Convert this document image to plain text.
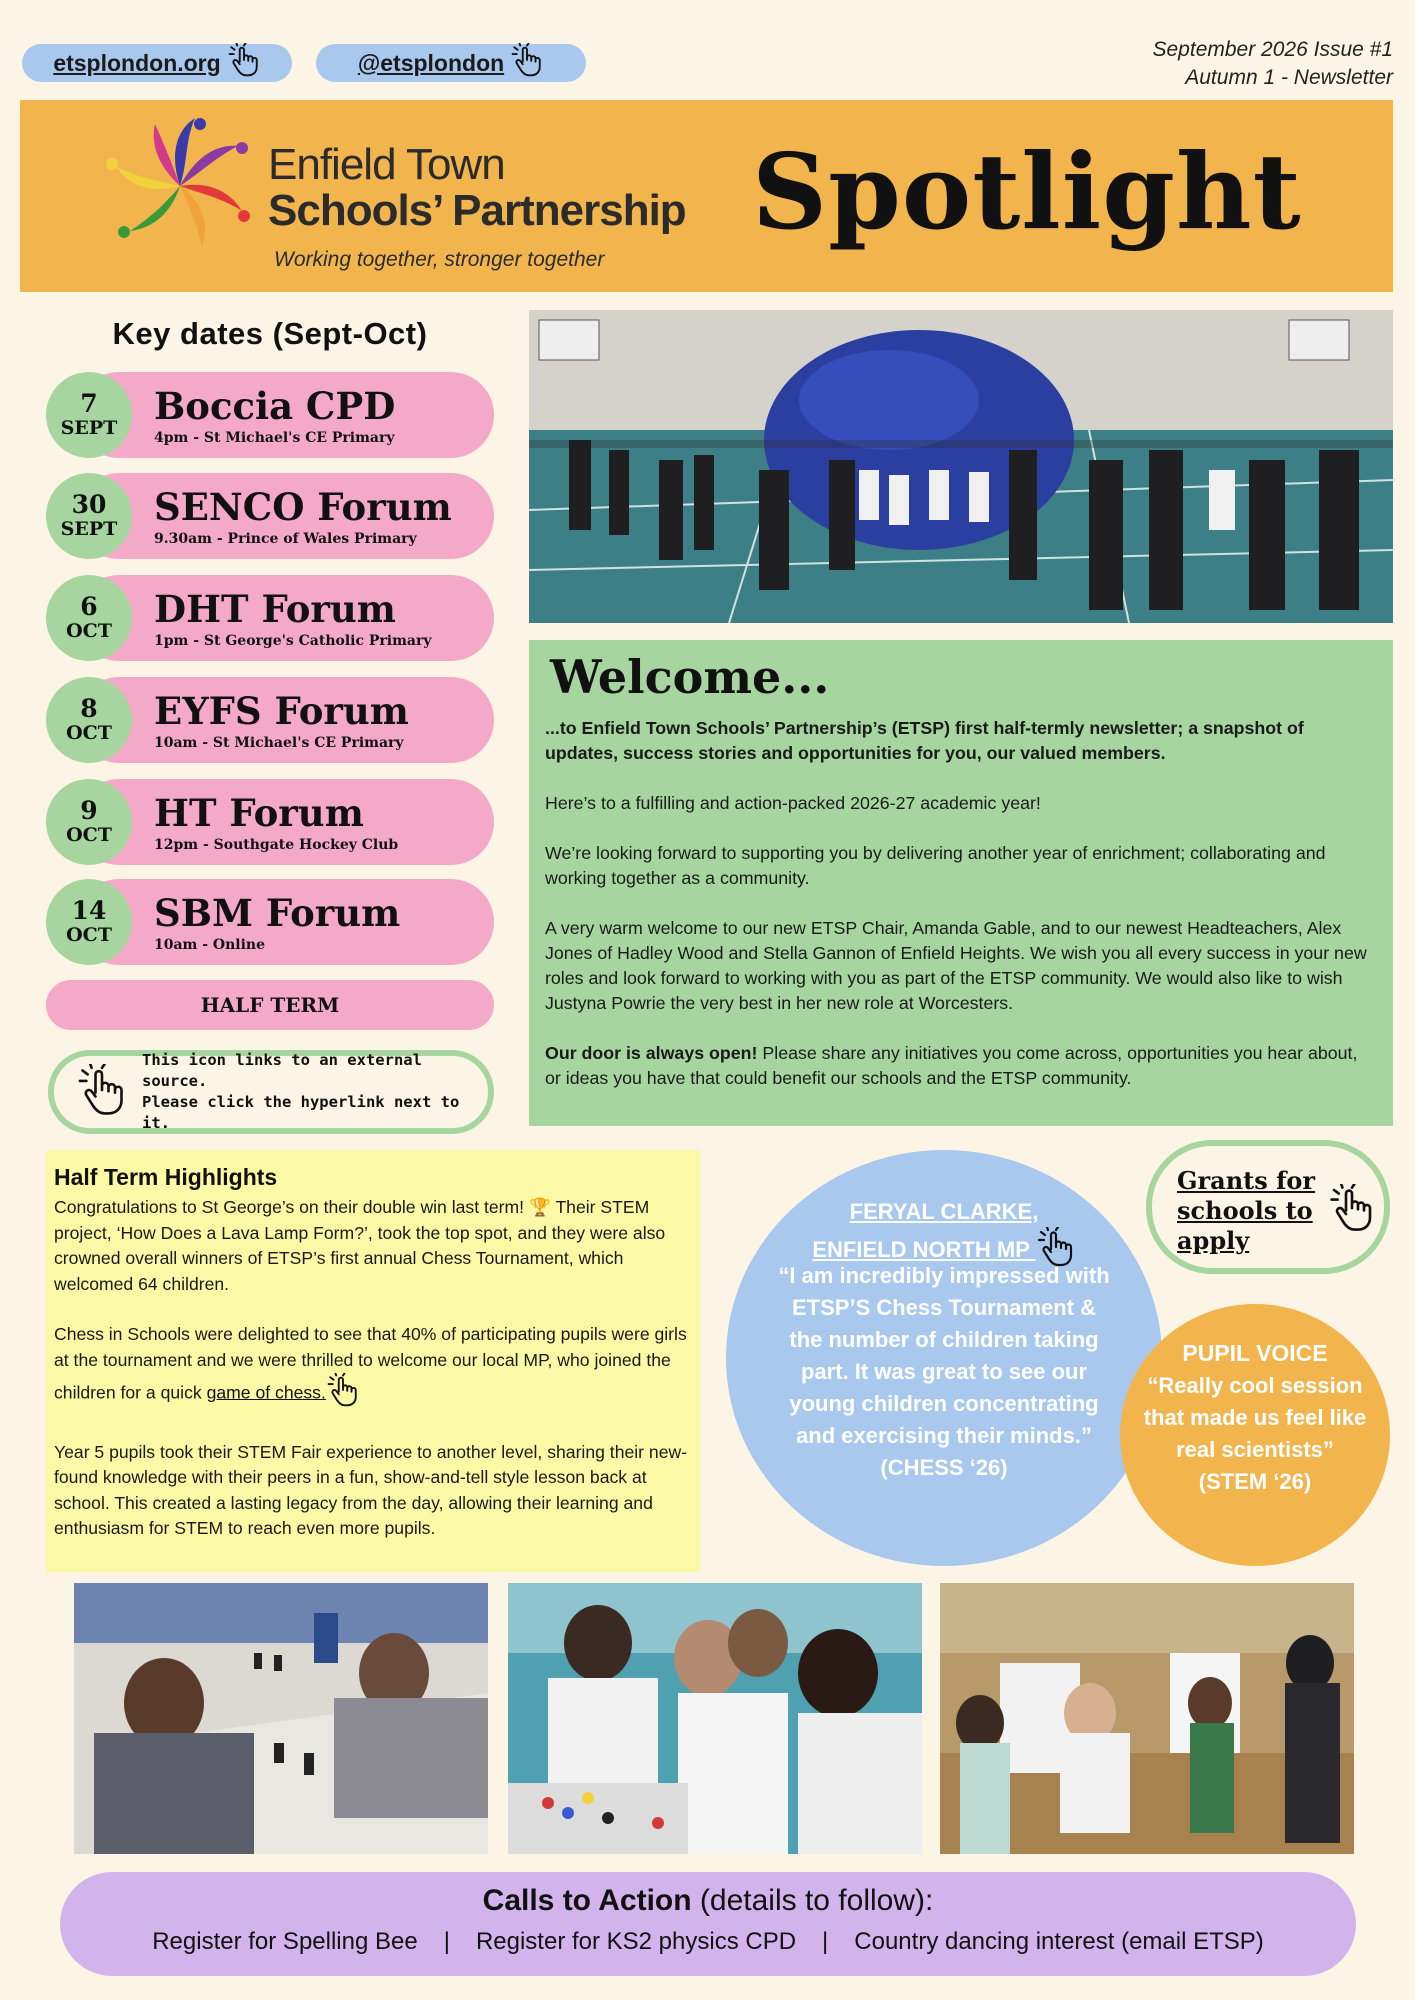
etsplondon.org	@etsplondon	September 2026 Issue #1
Autumn 1 - Newsletter
Enfield Town
Schools’ Partnership
Working together, stronger together
Spotlight
Key dates (Sept-Oct)
7
SEPT Boccia CPD
4pm - St Michael's CE Primary
30
SEPT SENCO Forum
9.30am - Prince of Wales Primary
6
OCT DHT Forum
1pm - St George's Catholic Primary
8
OCT EYFS Forum
10am - St Michael's CE Primary
9
OCT HT Forum
12pm - Southgate Hockey Club
14
OCT SBM Forum
10am - Online
HALF TERM
This icon links to an external source.
Please click the hyperlink next to it.
Welcome...

...to Enfield Town Schools’ Partnership’s (ETSP) first half-termly newsletter; a snapshot of updates, success stories and opportunities for you, our valued members.

Here’s to a fulfilling and action-packed 2026-27 academic year!

We’re looking forward to supporting you by delivering another year of enrichment; collaborating and working together as a community.

A very warm welcome to our new ETSP Chair, Amanda Gable, and to our newest Headteachers, Alex Jones of Hadley Wood and Stella Gannon of Enfield Heights. We wish you all every success in your new roles and look forward to working with you as part of the ETSP community. We would also like to wish Justyna Powrie the very best in her new role at Worcesters.

Our door is always open! Please share any initiatives you come across, opportunities you hear about, or ideas you have that could benefit our schools and the ETSP community.

Half Term Highlights

Congratulations to St George’s on their double win last term! 🏆 Their STEM project, ‘How Does a Lava Lamp Form?’, took the top spot, and they were also crowned overall winners of ETSP’s first annual Chess Tournament, which welcomed 64 children.

Chess in Schools were delighted to see that 40% of participating pupils were girls at the tournament and we were thrilled to welcome our local MP, who joined the children for a quick game of chess.

Year 5 pupils took their STEM Fair experience to another level, sharing their new-found knowledge with their peers in a fun, show-and-tell style lesson back at school. This created a lasting legacy from the day, allowing their learning and enthusiasm for STEM to reach even more pupils.

FERYAL CLARKE,
ENFIELD NORTH MP
“I am incredibly impressed with ETSP’S Chess Tournament & the number of children taking part. It was great to see our young children concentrating and exercising their minds.”
(CHESS ‘26)
Grants for
schools to
apply
PUPIL VOICE
“Really cool session that made us feel like real scientists”
(STEM ‘26)
Calls to Action (details to follow):
Register for Spelling Bee | Register for KS2 physics CPD | Country dancing interest (email ETSP)
